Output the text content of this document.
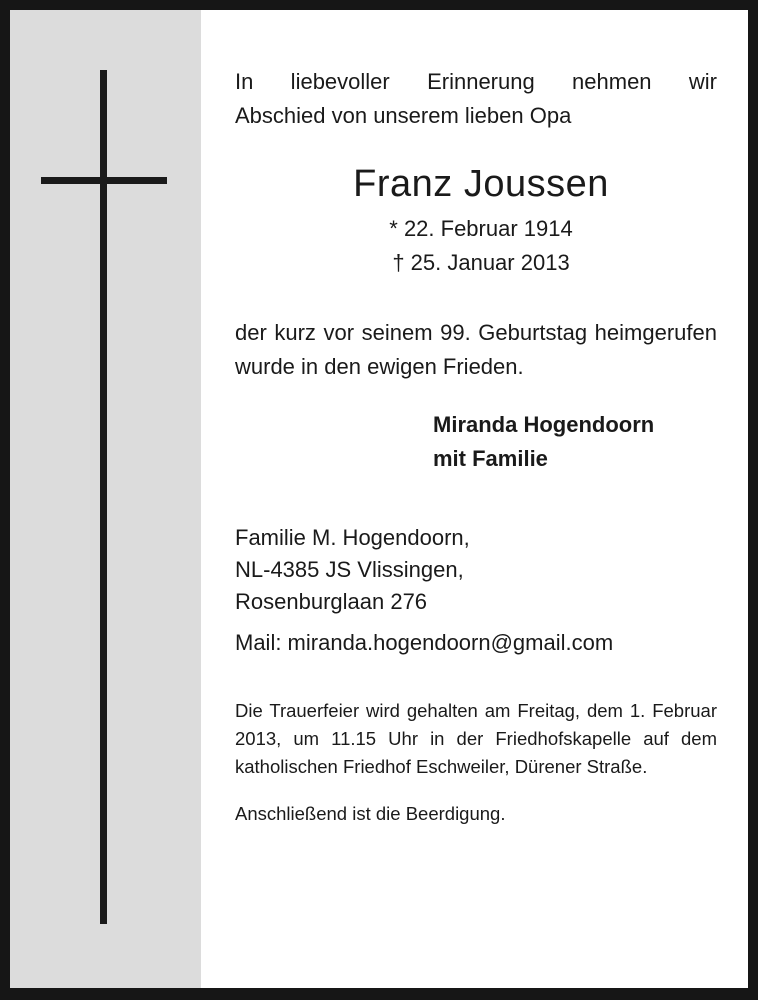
In liebevoller Erinnerung nehmen wir
Abschied von unserem lieben Opa

Franz Joussen
* 22. Februar 1914
† 25. Januar 2013

der kurz vor seinem 99. Geburtstag heimgerufen wurde in den ewigen Frieden.

Miranda Hogendoorn
mit Familie
Familie M. Hogendoorn,
NL-4385 JS Vlissingen,
Rosenburglaan 276
Mail: miranda.hogendoorn@gmail.com

Die Trauerfeier wird gehalten am Freitag, dem 1. Februar 2013, um 11.15 Uhr in der Friedhofskapelle auf dem katholischen Friedhof Eschweiler, Dürener Straße.

Anschließend ist die Beerdigung.
